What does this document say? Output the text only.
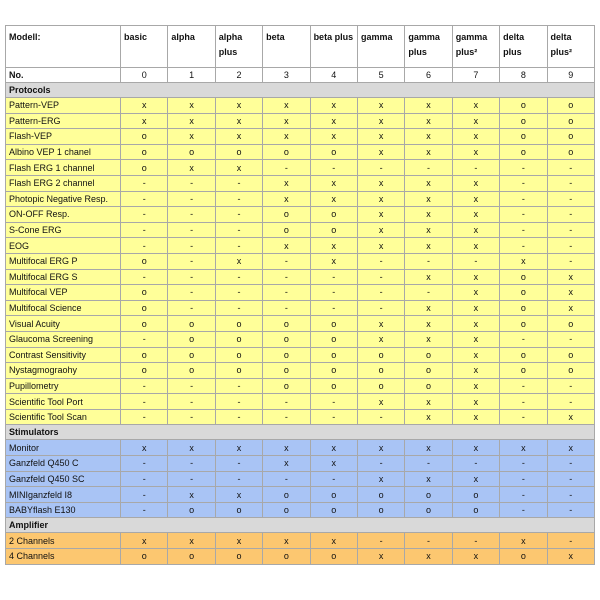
Modell:	basic	alpha	alpha plus	beta	beta plus	gamma	gamma plus	gamma plus²	delta plus	delta plus²
No.	0	1	2	3	4	5	6	7	8	9
Protocols										
Pattern-VEP	x	x	x	x	x	x	x	x	o	o
Pattern-ERG	x	x	x	x	x	x	x	x	o	o
Flash-VEP	o	x	x	x	x	x	x	x	o	o
Albino VEP 1 chanel	o	o	o	o	o	x	x	x	o	o
Flash ERG 1 channel	o	x	x	-	-	-	-	-	-	-
Flash ERG 2 channel	-	-	-	x	x	x	x	x	-	-
Photopic Negative Resp.	-	-	-	x	x	x	x	x	-	-
ON-OFF Resp.	-	-	-	o	o	x	x	x	-	-
S-Cone ERG	-	-	-	o	o	x	x	x	-	-
EOG	-	-	-	x	x	x	x	x	-	-
Multifocal ERG P	o	-	x	-	x	-	-	-	x	-
Multifocal ERG S	-	-	-	-	-	-	x	x	o	x
Multifocal VEP	o	-	-	-	-	-	-	x	o	x
Multifocal Science	o	-	-	-	-	-	x	x	o	x
Visual Acuity	o	o	o	o	o	x	x	x	o	o
Glaucoma Screening	-	o	o	o	o	x	x	x	-	-
Contrast Sensitivity	o	o	o	o	o	o	o	x	o	o
Nystagmograohy	o	o	o	o	o	o	o	x	o	o
Pupillometry	-	-	-	o	o	o	o	x	-	-
Scientific Tool Port	-	-	-	-	-	x	x	x	-	-
Scientific Tool Scan	-	-	-	-	-	-	x	x	-	x
Stimulators										
Monitor	x	x	x	x	x	x	x	x	x	x
Ganzfeld Q450 C	-	-	-	x	x	-	-	-	-	-
Ganzfeld Q450 SC	-	-	-	-	-	x	x	x	-	-
MINIganzfeld I8	-	x	x	o	o	o	o	o	-	-
BABYflash E130	-	o	o	o	o	o	o	o	-	-
Amplifier										
2 Channels	x	x	x	x	x	-	-	-	x	-
4 Channels	o	o	o	o	o	x	x	x	o	x
